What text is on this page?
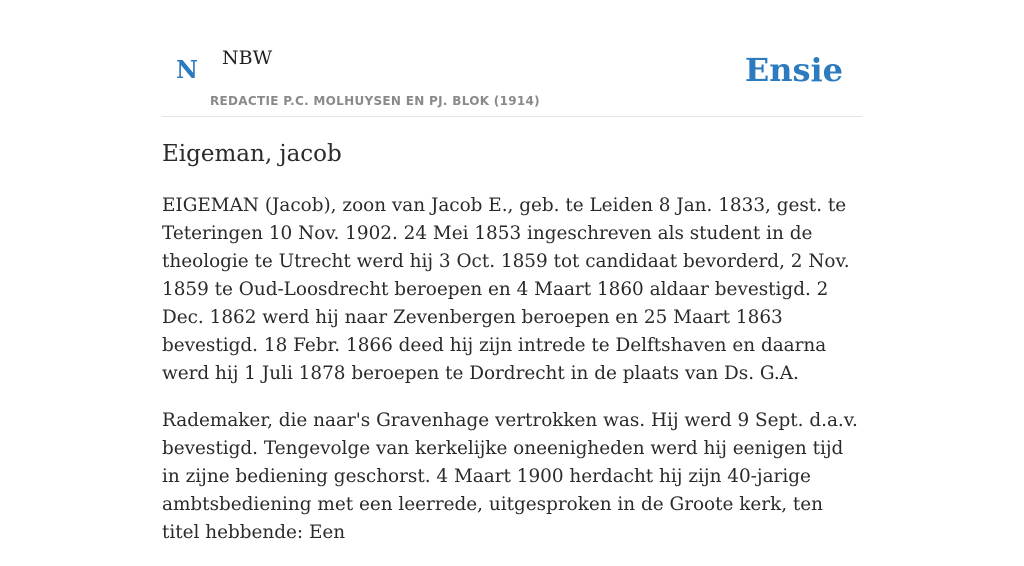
N NBW
REDACTIE P.C. MOLHUYSEN EN PJ. BLOK (1914)
Ensie
Eigeman, jacob

EIGEMAN (Jacob), zoon van Jacob E., geb. te Leiden 8 Jan. 1833, gest. te Teteringen 10 Nov. 1902. 24 Mei 1853 ingeschreven als student in de theologie te Utrecht werd hij 3 Oct. 1859 tot candidaat bevorderd, 2 Nov. 1859 te Oud-Loosdrecht beroepen en 4 Maart 1860 aldaar bevestigd. 2 Dec. 1862 werd hij naar Zevenbergen beroepen en 25 Maart 1863 bevestigd. 18 Febr. 1866 deed hij zijn intrede te Delftshaven en daarna werd hij 1 Juli 1878 beroepen te Dordrecht in de plaats van Ds. G.A.

Rademaker, die naar's Gravenhage vertrokken was. Hij werd 9 Sept. d.a.v. bevestigd. Tengevolge van kerkelijke oneenigheden werd hij eenigen tijd in zijne bediening geschorst. 4 Maart 1900 herdacht hij zijn 40-jarige ambtsbediening met een leerrede, uitgesproken in de Groote kerk, ten titel hebbende: Een
